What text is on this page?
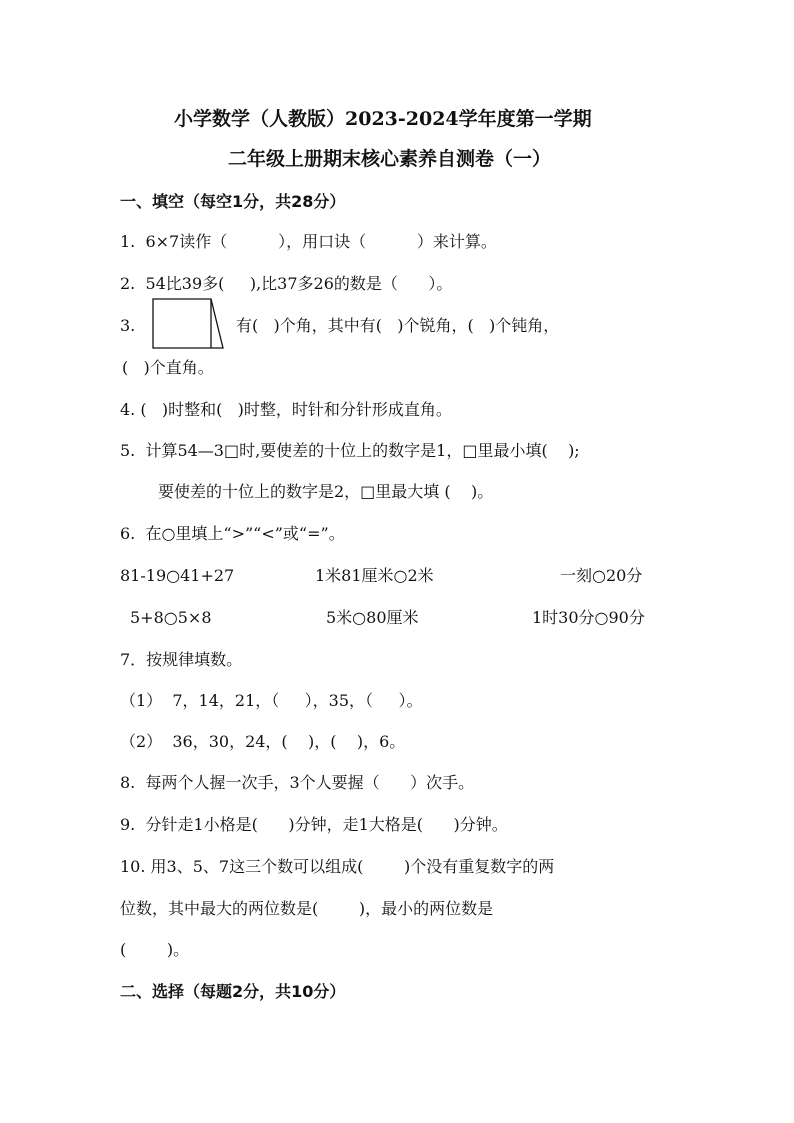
小学数学（人教版）2023-2024学年度第一学期
二年级上册期末核心素养自测卷（一）
一、填空（每空1分，共28分）
1.  6×7读作（          ），用口诀（          ）来计算。
2.  54比39多(     ),比37多26的数是（      ）。
3.	有(   )个角，其中有(   )个锐角，(   )个钝角，
(   )个直角。
4. (   )时整和(   )时整，时针和分针形成直角。
5.  计算54—3□时,要使差的十位上的数字是1，□里最小填(    );
要使差的十位上的数字是2，□里最大填 (    )。
6.  在○里填上“>”“<”或“=”。
81-19○41+27	1米81厘米○2米	一刻○20分
5+8○5×8	5米○80厘米	1时30分○90分
7．按规律填数。
（1）  7，14，21，（     ），35，（     ）。
（2）  36，30，24，(    )，(    )，6。
8.  每两个人握一次手，3个人要握（      ）次手。
9.  分针走1小格是(      )分钟，走1大格是(      )分钟。
10. 用3、5、7这三个数可以组成(        )个没有重复数字的两
位数，其中最大的两位数是(        )，最小的两位数是
(        )。
二、选择（每题2分，共10分）
